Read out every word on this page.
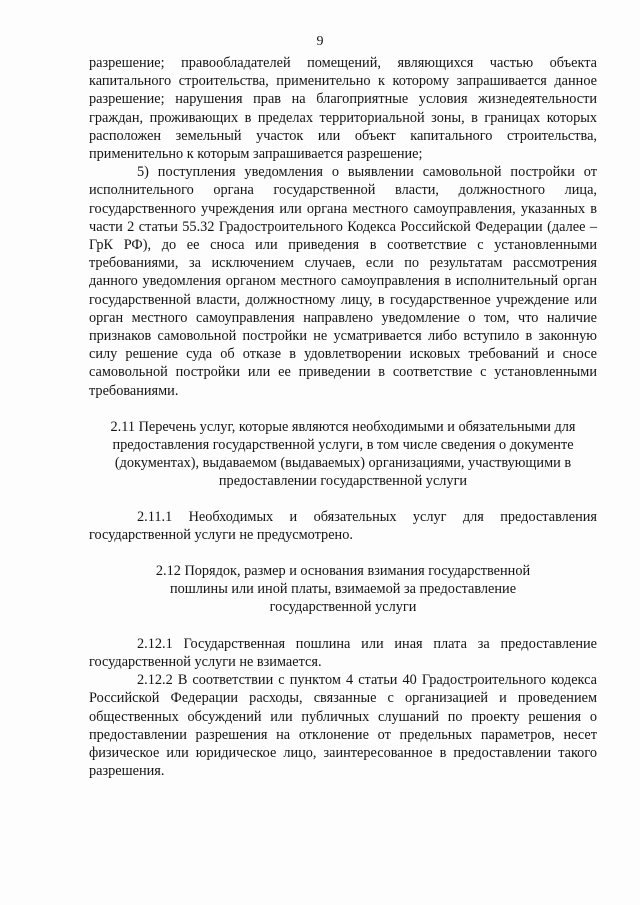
9

разрешение; правообладателей помещений, являющихся частью объекта капитального строительства, применительно к которому запрашивается данное разрешение; нарушения прав на благоприятные условия жизнедеятельности граждан, проживающих в пределах территориальной зоны, в границах которых расположен земельный участок или объект капитального строительства, применительно к которым запрашивается разрешение;

5) поступления уведомления о выявлении самовольной постройки от исполнительного органа государственной власти, должностного лица, государственного учреждения или органа местного самоуправления, указанных в части 2 статьи 55.32 Градостроительного Кодекса Российской Федерации (далее – ГрК РФ), до ее сноса или приведения в соответствие с установленными требованиями, за исключением случаев, если по результатам рассмотрения данного уведомления органом местного самоуправления в исполнительный орган государственной власти, должностному лицу, в государственное учреждение или орган местного самоуправления направлено уведомление о том, что наличие признаков самовольной постройки не усматривается либо вступило в законную силу решение суда об отказе в удовлетворении исковых требований и сносе самовольной постройки или ее приведении в соответствие с установленными требованиями.

2.11 Перечень услуг, которые являются необходимыми и обязательными для предоставления государственной услуги, в том числе сведения о документе (документах), выдаваемом (выдаваемых) организациями, участвующими в предоставлении государственной услуги

2.11.1 Необходимых и обязательных услуг для предоставления государственной услуги не предусмотрено.

2.12 Порядок, размер и основания взимания государственной пошлины или иной платы, взимаемой за предоставление государственной услуги

2.12.1 Государственная пошлина или иная плата за предоставление государственной услуги не взимается.

2.12.2 В соответствии с пунктом 4 статьи 40 Градостроительного кодекса Российской Федерации расходы, связанные с организацией и проведением общественных обсуждений или публичных слушаний по проекту решения о предоставлении разрешения на отклонение от предельных параметров, несет физическое или юридическое лицо, заинтересованное в предоставлении такого разрешения.
